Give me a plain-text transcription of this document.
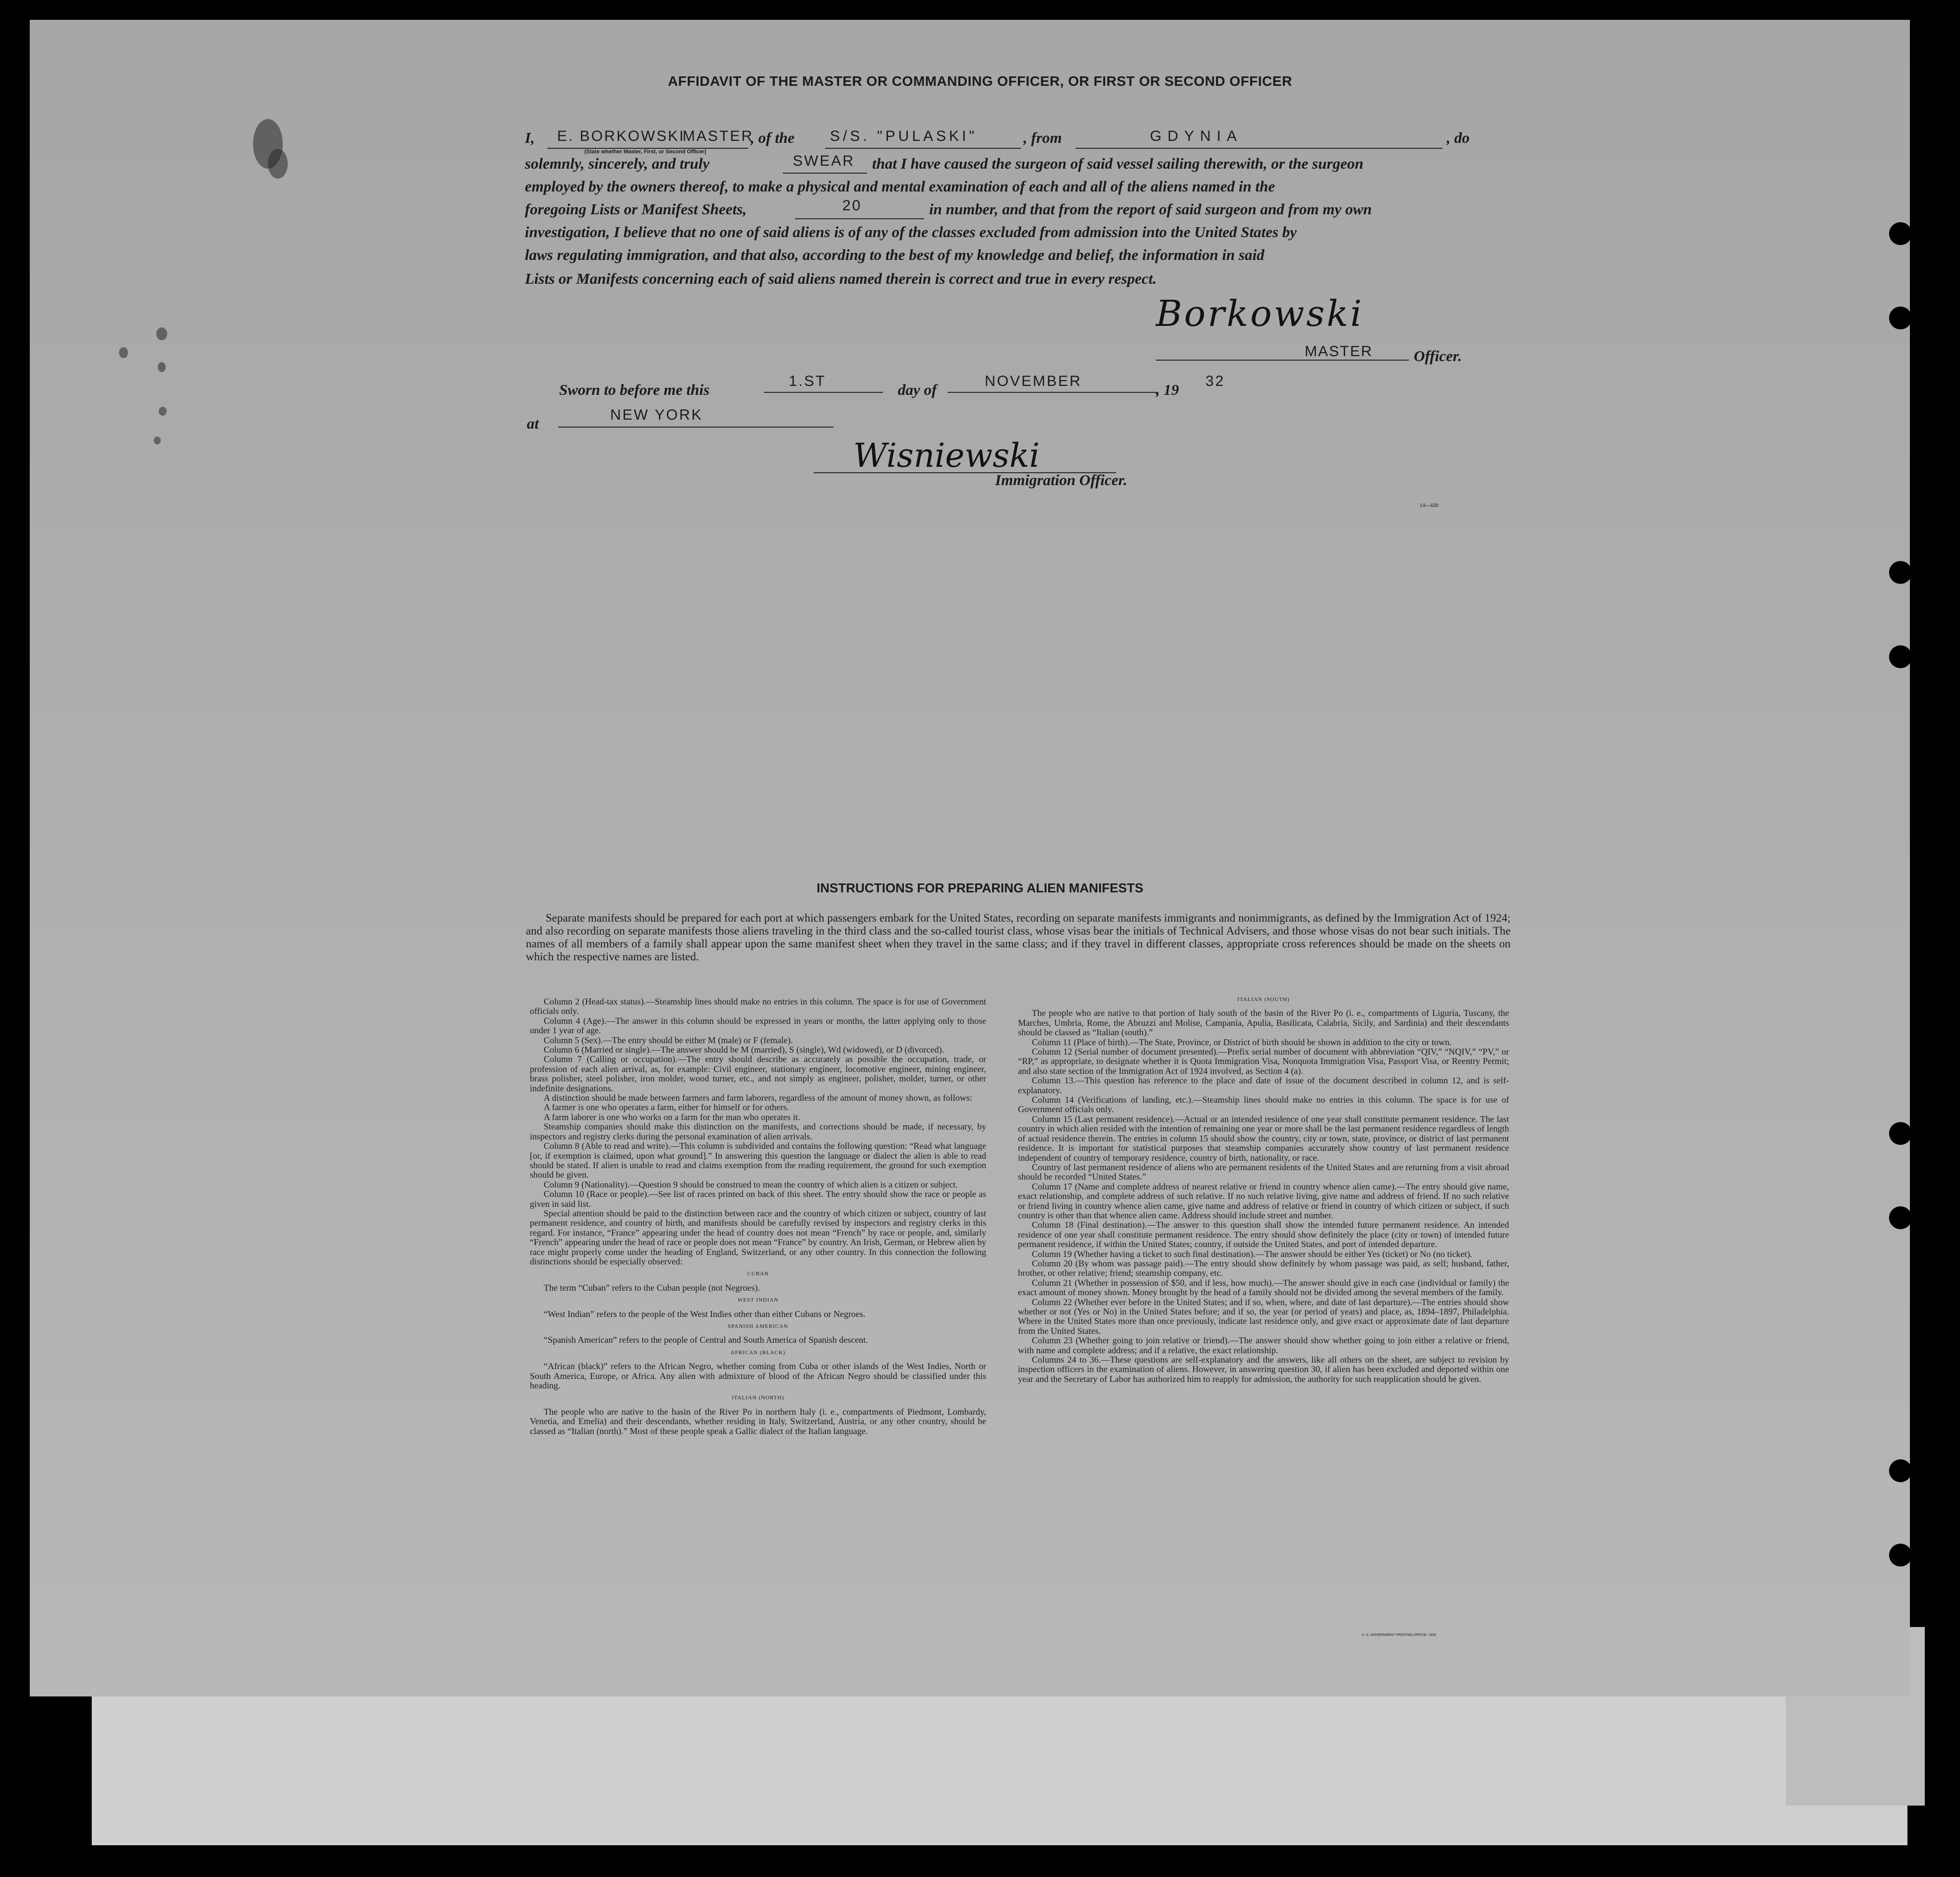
AFFIDAVIT OF THE MASTER OR COMMANDING OFFICER, OR FIRST OR SECOND OFFICER
I, E. BORKOWSKI
MASTER
(State whether Master, First, or Second Officer)
, of the S/S. "PULASKI"	, from	GDYNIA	, do
solemnly, sincerely, and truly	SWEAR that I have caused the surgeon of said vessel sailing therewith, or the surgeon
employed by the owners thereof, to make a physical and mental examination of each and all of the aliens named in the
foregoing Lists or Manifest Sheets,	20	in number, and that from the report of said surgeon and from my own
investigation, I believe that no one of said aliens is of any of the classes excluded from admission into the United States by
laws regulating immigration, and that also, according to the best of my knowledge and belief, the information in said
Lists or Manifests concerning each of said aliens named therein is correct and true in every respect.
Borkowski
MASTER	Officer.
Sworn to before me this	1.ST	day of	NOVEMBER	, 19 32
at	NEW YORK
Wisniewski
Immigration Officer.
14—430
INSTRUCTIONS FOR PREPARING ALIEN MANIFESTS
Separate manifests should be prepared for each port at which passengers embark for the United States, recording on separate manifests immigrants and nonimmigrants, as defined by the Immigration Act of 1924; and also recording on separate manifests those aliens traveling in the third class and the so-called tourist class, whose visas bear the initials of Technical Advisers, and those whose visas do not bear such initials. The names of all members of a family shall appear upon the same manifest sheet when they travel in the same class; and if they travel in different classes, appropriate cross references should be made on the sheets on which the respective names are listed.

Column 2 (Head-tax status).—Steamship lines should make no entries in this column. The space is for use of Government officials only.

Column 4 (Age).—The answer in this column should be expressed in years or months, the latter applying only to those under 1 year of age.

Column 5 (Sex).—The entry should be either M (male) or F (female).

Column 6 (Married or single).—The answer should be M (married), S (single), Wd (widowed), or D (divorced).

Column 7 (Calling or occupation).—The entry should describe as accurately as possible the occupation, trade, or profession of each alien arrival, as, for example: Civil engineer, stationary engineer, locomotive engineer, mining engineer, brass polisher, steel polisher, iron molder, wood turner, etc., and not simply as engineer, polisher, molder, turner, or other indefinite designations.

A distinction should be made between farmers and farm laborers, regardless of the amount of money shown, as follows:

A farmer is one who operates a farm, either for himself or for others.

A farm laborer is one who works on a farm for the man who operates it.

Steamship companies should make this distinction on the manifests, and corrections should be made, if necessary, by inspectors and registry clerks during the personal examination of alien arrivals.

Column 8 (Able to read and write).—This column is subdivided and contains the following question: “Read what language [or, if exemption is claimed, upon what ground].” In answering this question the language or dialect the alien is able to read should be stated. If alien is unable to read and claims exemption from the reading requirement, the ground for such exemption should be given.

Column 9 (Nationality).—Question 9 should be construed to mean the country of which alien is a citizen or subject.

Column 10 (Race or people).—See list of races printed on back of this sheet. The entry should show the race or people as given in said list.

Special attention should be paid to the distinction between race and the country of which citizen or subject, country of last permanent residence, and country of birth, and manifests should be carefully revised by inspectors and registry clerks in this regard. For instance, “France” appearing under the head of country does not mean “French” by race or people, and, similarly “French” appearing under the head of race or people does not mean “France” by country. An Irish, German, or Hebrew alien by race might properly come under the heading of England, Switzerland, or any other country. In this connection the following distinctions should be especially observed:

CUBAN

The term “Cuban” refers to the Cuban people (not Negroes).

WEST INDIAN

“West Indian” refers to the people of the West Indies other than either Cubans or Negroes.

SPANISH AMERICAN

“Spanish American” refers to the people of Central and South America of Spanish descent.

AFRICAN (BLACK)

“African (black)” refers to the African Negro, whether coming from Cuba or other islands of the West Indies, North or South America, Europe, or Africa. Any alien with admixture of blood of the African Negro should be classified under this heading.

ITALIAN (NORTH)

The people who are native to the basin of the River Po in northern Italy (i. e., compartments of Piedmont, Lombardy, Venetia, and Emelia) and their descendants, whether residing in Italy, Switzerland, Austria, or any other country, should be classed as “Italian (north).” Most of these people speak a Gallic dialect of the Italian language.

ITALIAN (SOUTH)

The people who are native to that portion of Italy south of the basin of the River Po (i. e., compartments of Liguria, Tuscany, the Marches, Umbria, Rome, the Abruzzi and Molise, Campania, Apulia, Basilicata, Calabria, Sicily, and Sardinia) and their descendants should be classed as “Italian (south).”

Column 11 (Place of birth).—The State, Province, or District of birth should be shown in addition to the city or town.

Column 12 (Serial number of document presented).—Prefix serial number of document with abbreviation “QIV,” “NQIV,” “PV,” or “RP,” as appropriate, to designate whether it is Quota Immigration Visa, Nonquota Immigration Visa, Passport Visa, or Reentry Permit; and also state section of the Immigration Act of 1924 involved, as Section 4 (a).

Column 13.—This question has reference to the place and date of issue of the document described in column 12, and is self-explanatory.

Column 14 (Verifications of landing, etc.).—Steamship lines should make no entries in this column. The space is for use of Government officials only.

Column 15 (Last permanent residence).—Actual or an intended residence of one year shall constitute permanent residence. The last country in which alien resided with the intention of remaining one year or more shall be the last permanent residence regardless of length of actual residence therein. The entries in column 15 should show the country, city or town, state, province, or district of last permanent residence. It is important for statistical purposes that steamship companies accurately show country of last permanent residence independent of country of temporary residence, country of birth, nationality, or race.

Country of last permanent residence of aliens who are permanent residents of the United States and are returning from a visit abroad should be recorded “United States.”

Column 17 (Name and complete address of nearest relative or friend in country whence alien came).—The entry should give name, exact relationship, and complete address of such relative. If no such relative living, give name and address of friend. If no such relative or friend living in country whence alien came, give name and address of relative or friend in country of which citizen or subject, if such country is other than that whence alien came. Address should include street and number.

Column 18 (Final destination).—The answer to this question shall show the intended future permanent residence. An intended residence of one year shall constitute permanent residence. The entry should show definitely the place (city or town) of intended future permanent residence, if within the United States; country, if outside the United States, and port of intended departure.

Column 19 (Whether having a ticket to such final destination).—The answer should be either Yes (ticket) or No (no ticket).

Column 20 (By whom was passage paid).—The entry should show definitely by whom passage was paid, as self; husband, father, brother, or other relative; friend; steamship company, etc.

Column 21 (Whether in possession of $50, and if less, how much).—The answer should give in each case (individual or family) the exact amount of money shown. Money brought by the head of a family should not be divided among the several members of the family.

Column 22 (Whether ever before in the United States; and if so, when, where, and date of last departure).—The entries should show whether or not (Yes or No) in the United States before; and if so, the year (or period of years) and place, as, 1894–1897, Philadelphia. Where in the United States more than once previously, indicate last residence only, and give exact or approximate date of last departure from the United States.

Column 23 (Whether going to join relative or friend).—The answer should show whether going to join either a relative or friend, with name and complete address; and if a relative, the exact relationship.

Columns 24 to 36.—These questions are self-explanatory and the answers, like all others on the sheet, are subject to revision by inspection officers in the examination of aliens. However, in answering question 30, if alien has been excluded and deported within one year and the Secretary of Labor has authorized him to reapply for admission, the authority for such reapplication should be given.

U. S. GOVERNMENT PRINTING OFFICE: 1932
